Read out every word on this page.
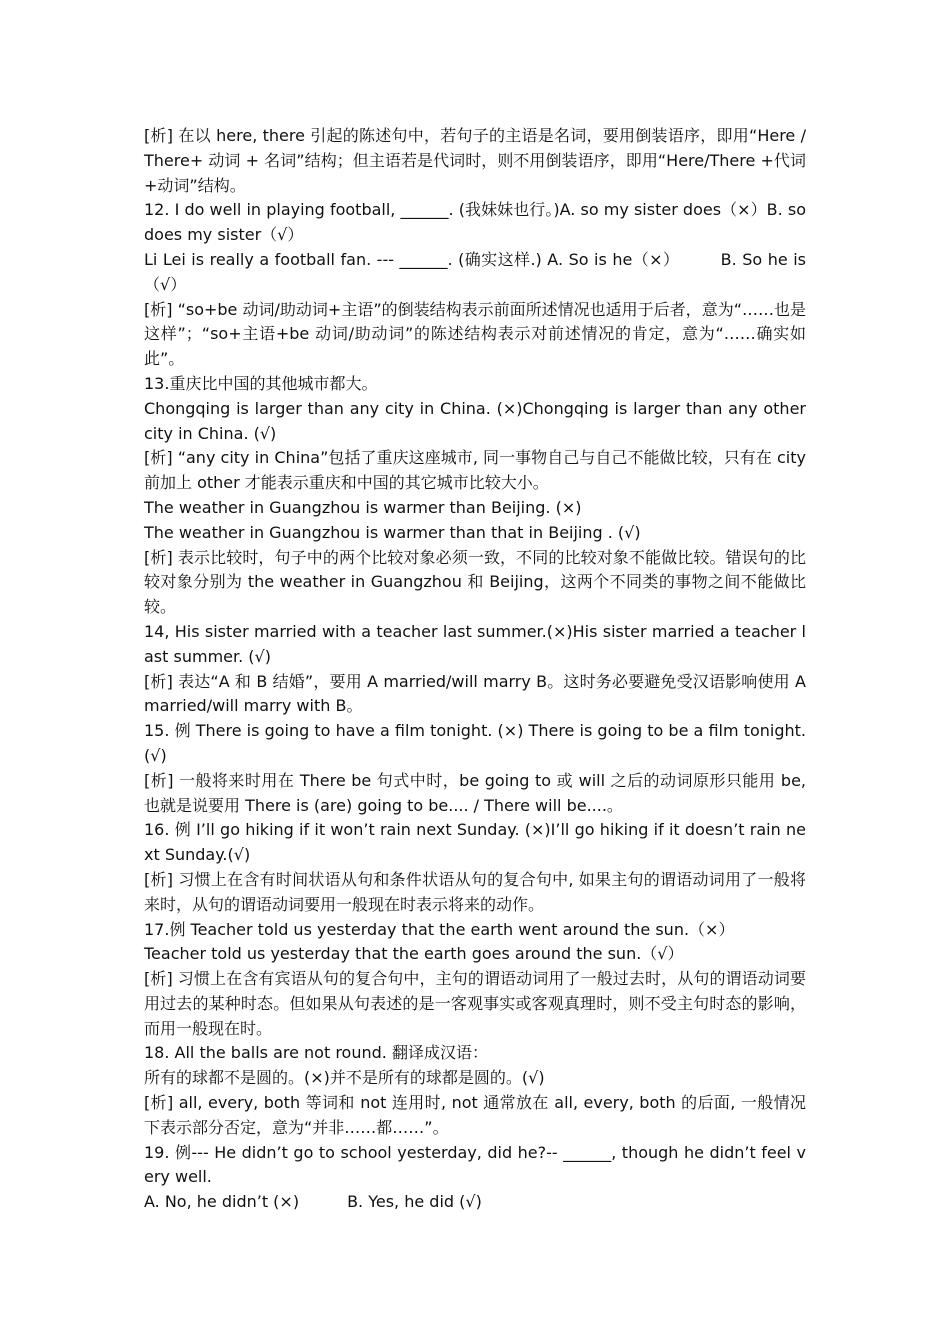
[析] 在以 here, there 引起的陈述句中，若句子的主语是名词，要用倒装语序，即用“Here /There+ 动词 + 名词”结构；但主语若是代词时，则不用倒装语序，即用“Here/There +代词+动词”结构。

12. I do well in playing football, ______. (我妹妹也行。)A. so my sister does（×）B. so does my sister（√）

Li Lei is really a football fan. --- ______. (确实这样.) A. So is he（×）　　　B. So he is（√）

[析] “so+be 动词/助动词+主语”的倒装结构表示前面所述情况也适用于后者，意为“……也是这样”；“so+主语+be 动词/助动词”的陈述结构表示对前述情况的肯定，意为“……确实如此”。

13.重庆比中国的其他城市都大。

Chongqing is larger than any city in China. (×)Chongqing is larger than any other city in China. (√)

[析] “any city in China”包括了重庆这座城市, 同一事物自己与自己不能做比较，只有在 city 前加上 other 才能表示重庆和中国的其它城市比较大小。

The weather in Guangzhou is warmer than Beijing. (×)

The weather in Guangzhou is warmer than that in Beijing . (√)

[析] 表示比较时，句子中的两个比较对象必须一致，不同的比较对象不能做比较。错误句的比较对象分别为 the weather in Guangzhou 和 Beijing，这两个不同类的事物之间不能做比较。

14, His sister married with a teacher last summer.(×)His sister married a teacher last summer. (√)

[析] 表达“A 和 B 结婚”，要用 A married/will marry B。这时务必要避免受汉语影响使用 A married/will marry with B。

15. 例 There is going to have a film tonight. (×) There is going to be a film tonight. (√)

[析] 一般将来时用在 There be 句式中时，be going to 或 will 之后的动词原形只能用 be, 也就是说要用 There is (are) going to be.... / There will be....。

16. 例 I’ll go hiking if it won’t rain next Sunday. (×)I’ll go hiking if it doesn’t rain next Sunday.(√)

[析] 习惯上在含有时间状语从句和条件状语从句的复合句中, 如果主句的谓语动词用了一般将来时，从句的谓语动词要用一般现在时表示将来的动作。

17.例 Teacher told us yesterday that the earth went around the sun.（×）

Teacher told us yesterday that the earth goes around the sun.（√）

[析] 习惯上在含有宾语从句的复合句中，主句的谓语动词用了一般过去时，从句的谓语动词要用过去的某种时态。但如果从句表述的是一客观事实或客观真理时，则不受主句时态的影响，而用一般现在时。

18. All the balls are not round. 翻译成汉语：

所有的球都不是圆的。(×)并不是所有的球都是圆的。(√)

[析] all, every, both 等词和 not 连用时, not 通常放在 all, every, both 的后面, 一般情况下表示部分否定，意为“并非……都……”。

19. 例--- He didn’t go to school yesterday, did he?-- ______, though he didn’t feel very well.

A. No, he didn’t (×)　　　B. Yes, he did (√)
